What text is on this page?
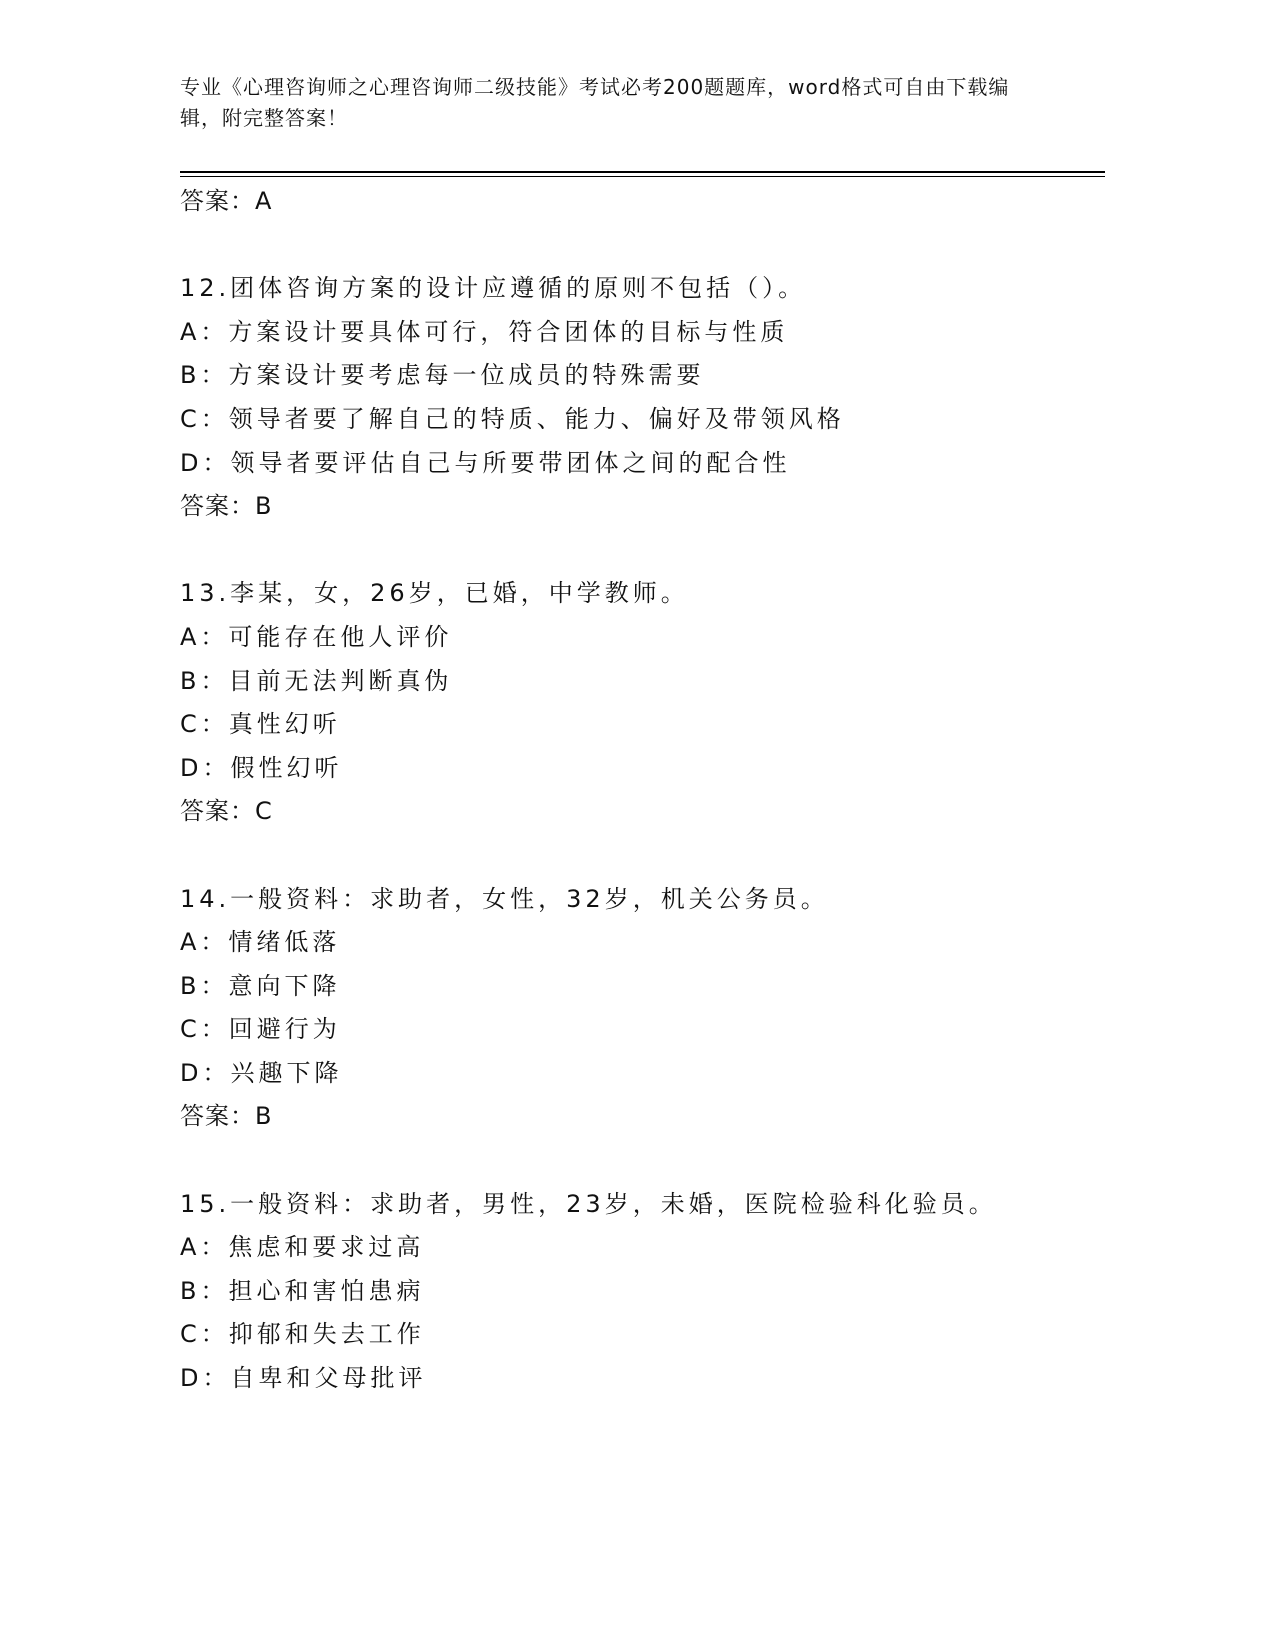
专业《心理咨询师之心理咨询师二级技能》考试必考200题题库，word格式可自由下载编辑，附完整答案！
答案：A
12.团体咨询方案的设计应遵循的原则不包括（）。
A：方案设计要具体可行，符合团体的目标与性质
B：方案设计要考虑每一位成员的特殊需要
C：领导者要了解自己的特质、能力、偏好及带领风格
D：领导者要评估自己与所要带团体之间的配合性
答案：B
13.李某，女，26岁，已婚，中学教师。
A：可能存在他人评价
B：目前无法判断真伪
C：真性幻听
D：假性幻听
答案：C
14.一般资料：求助者，女性，32岁，机关公务员。
A：情绪低落
B：意向下降
C：回避行为
D：兴趣下降
答案：B
15.一般资料：求助者，男性，23岁，未婚，医院检验科化验员。
A：焦虑和要求过高
B：担心和害怕患病
C：抑郁和失去工作
D：自卑和父母批评
